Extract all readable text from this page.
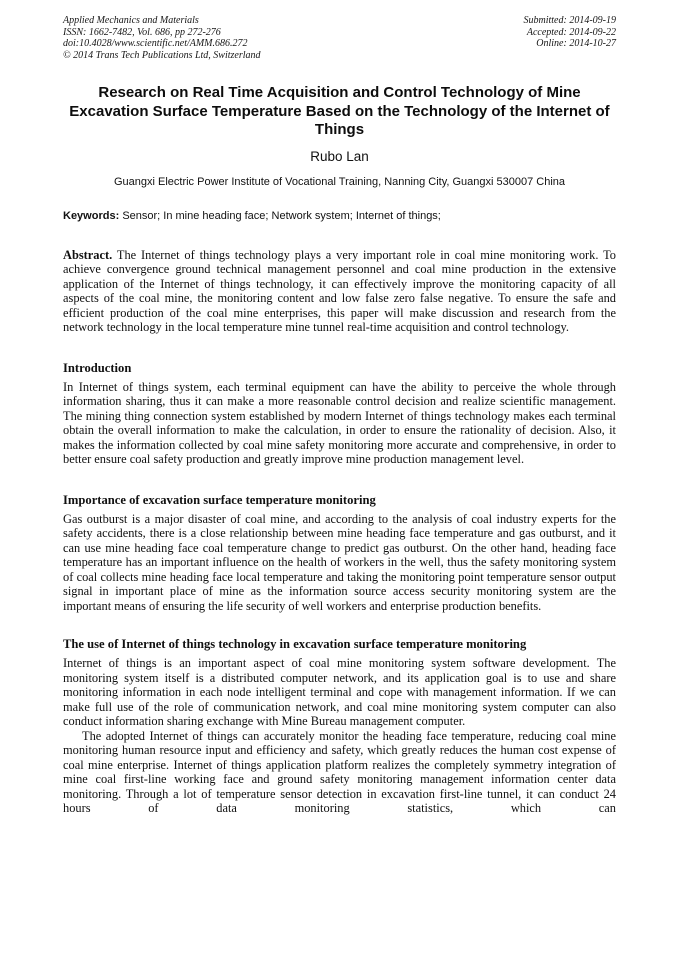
Applied Mechanics and Materials
ISSN: 1662-7482, Vol. 686, pp 272-276
doi:10.4028/www.scientific.net/AMM.686.272
© 2014 Trans Tech Publications Ltd, Switzerland
Submitted: 2014-09-19
Accepted: 2014-09-22
Online: 2014-10-27
Research on Real Time Acquisition and Control Technology of Mine Excavation Surface Temperature Based on the Technology of the Internet of Things
Rubo Lan
Guangxi Electric Power Institute of Vocational Training, Nanning City, Guangxi 530007 China

Keywords: Sensor; In mine heading face; Network system; Internet of things;

Abstract. The Internet of things technology plays a very important role in coal mine monitoring work. To achieve convergence ground technical management personnel and coal mine production in the extensive application of the Internet of things technology, it can effectively improve the monitoring capacity of all aspects of the coal mine, the monitoring content and low false zero false negative. To ensure the safe and efficient production of the coal mine enterprises, this paper will make discussion and research from the network technology in the local temperature mine tunnel real-time acquisition and control technology.

Introduction

In Internet of things system, each terminal equipment can have the ability to perceive the whole through information sharing, thus it can make a more reasonable control decision and realize scientific management. The mining thing connection system established by modern Internet of things technology makes each terminal obtain the overall information to make the calculation, in order to ensure the rationality of decision. Also, it makes the information collected by coal mine safety monitoring more accurate and comprehensive, in order to better ensure coal safety production and greatly improve mine production management level.

Importance of excavation surface temperature monitoring

Gas outburst is a major disaster of coal mine, and according to the analysis of coal industry experts for the safety accidents, there is a close relationship between mine heading face temperature and gas outburst, and it can use mine heading face coal temperature change to predict gas outburst. On the other hand, heading face temperature has an important influence on the health of workers in the well, thus the safety monitoring system of coal collects mine heading face local temperature and taking the monitoring point temperature sensor output signal in important place of mine as the information source access security monitoring system are the important means of ensuring the life security of well workers and enterprise production benefits.

The use of Internet of things technology in excavation surface temperature monitoring

Internet of things is an important aspect of coal mine monitoring system software development. The monitoring system itself is a distributed computer network, and its application goal is to use and share monitoring information in each node intelligent terminal and cope with management information. If we can make full use of the role of communication network, and coal mine monitoring system computer can also conduct information sharing exchange with Mine Bureau management computer.

The adopted Internet of things can accurately monitor the heading face temperature, reducing coal mine monitoring human resource input and efficiency and safety, which greatly reduces the human cost expense of coal mine enterprise. Internet of things application platform realizes the completely symmetry integration of mine coal first-line working face and ground safety monitoring management information center data monitoring. Through a lot of temperature sensor detection in excavation first-line tunnel, it can conduct 24 hours of data monitoring statistics, which can
